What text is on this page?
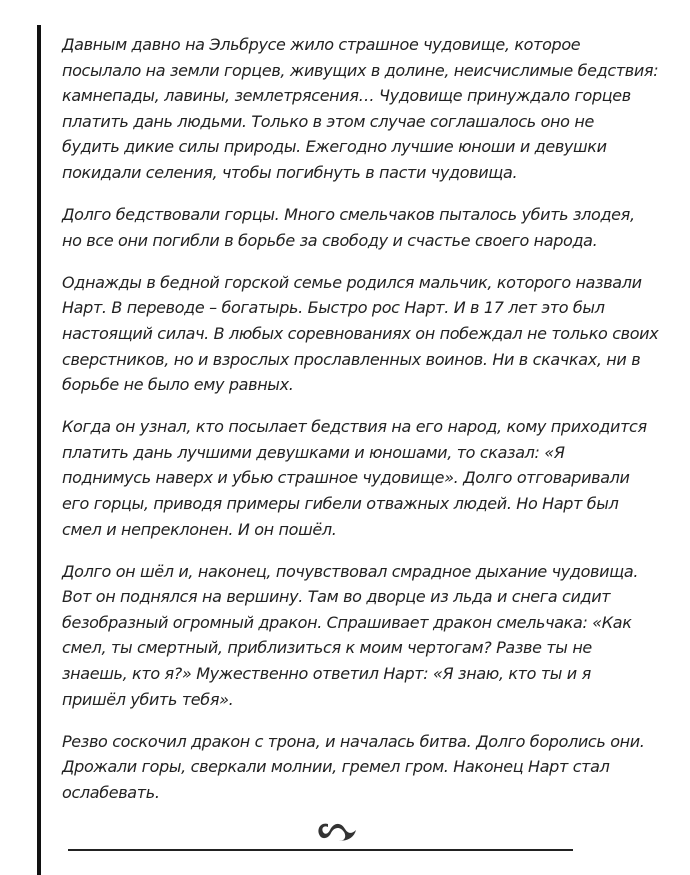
Давным давно на Эльбрусе жило страшное чудовище, которое
посылало на земли горцев, живущих в долине, неисчислимые бедствия:
камнепады, лавины, землетрясения… Чудовище принуждало горцев
платить дань людьми. Только в этом случае соглашалось оно не
будить дикие силы природы. Ежегодно лучшие юноши и девушки
покидали селения, чтобы погибнуть в пасти чудовища.

Долго бедствовали горцы. Много смельчаков пыталось убить злодея,
но все они погибли в борьбе за свободу и счастье своего народа.

Однажды в бедной горской семье родился мальчик, которого назвали
Нарт. В переводе – богатырь. Быстро рос Нарт. И в 17 лет это был
настоящий силач. В любых соревнованиях он побеждал не только своих
сверстников, но и взрослых прославленных воинов. Ни в скачках, ни в
борьбе не было ему равных.

Когда он узнал, кто посылает бедствия на его народ, кому приходится
платить дань лучшими девушками и юношами, то сказал: «Я
поднимусь наверх и убью страшное чудовище». Долго отговаривали
его горцы, приводя примеры гибели отважных людей. Но Нарт был
смел и непреклонен. И он пошёл.

Долго он шёл и, наконец, почувствовал смрадное дыхание чудовища.
Вот он поднялся на вершину. Там во дворце из льда и снега сидит
безобразный огромный дракон. Спрашивает дракон смельчака: «Как
смел, ты смертный, приблизиться к моим чертогам? Разве ты не
знаешь, кто я?» Мужественно ответил Нарт: «Я знаю, кто ты и я
пришёл убить тебя».

Резво соскочил дракон с трона, и началась битва. Долго боролись они.
Дрожали горы, сверкали молнии, гремел гром. Наконец Нарт стал
ослабевать.
